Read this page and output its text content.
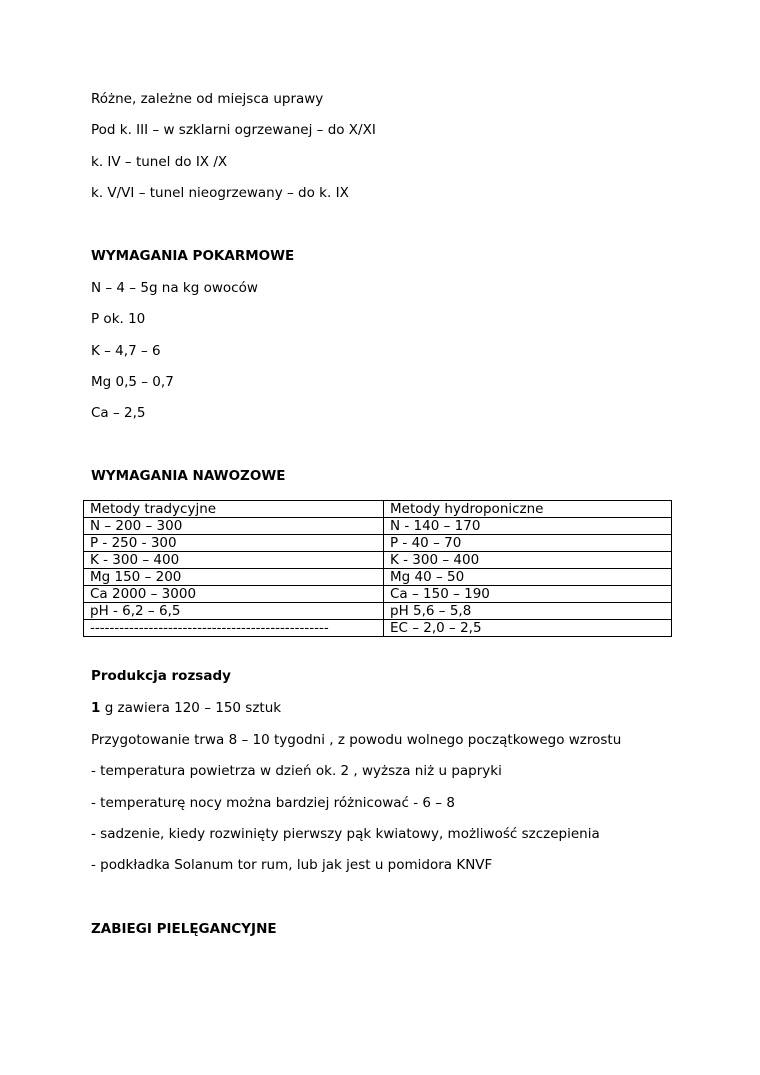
Różne, zależne od miejsca uprawy
Pod k. III – w szklarni ogrzewanej – do X/XI
k. IV – tunel do IX /X
k. V/VI – tunel nieogrzewany – do k. IX
WYMAGANIA POKARMOWE
N – 4 – 5g na kg owoców
P ok. 10
K – 4,7 – 6
Mg 0,5 – 0,7
Ca – 2,5
WYMAGANIA NAWOZOWE
Metody tradycyjne	Metody hydroponiczne
N – 200 – 300	N - 140 – 170
P - 250 - 300	P - 40 – 70
K - 300 – 400	K - 300 – 400
Mg 150 – 200	Mg 40 – 50
Ca 2000 – 3000	Ca – 150 – 190
pH - 6,2 – 6,5	pH 5,6 – 5,8
-------------------------------------------------	EC – 2,0 – 2,5
Produkcja rozsady
1 g zawiera 120 – 150 sztuk
Przygotowanie trwa 8 – 10 tygodni , z powodu wolnego początkowego wzrostu
- temperatura powietrza w dzień ok. 2 , wyższa niż u papryki
- temperaturę nocy można bardziej różnicować - 6 – 8
- sadzenie, kiedy rozwinięty pierwszy pąk kwiatowy, możliwość szczepienia
- podkładka Solanum tor rum, lub jak jest u pomidora KNVF
ZABIEGI PIELĘGANCYJNE
